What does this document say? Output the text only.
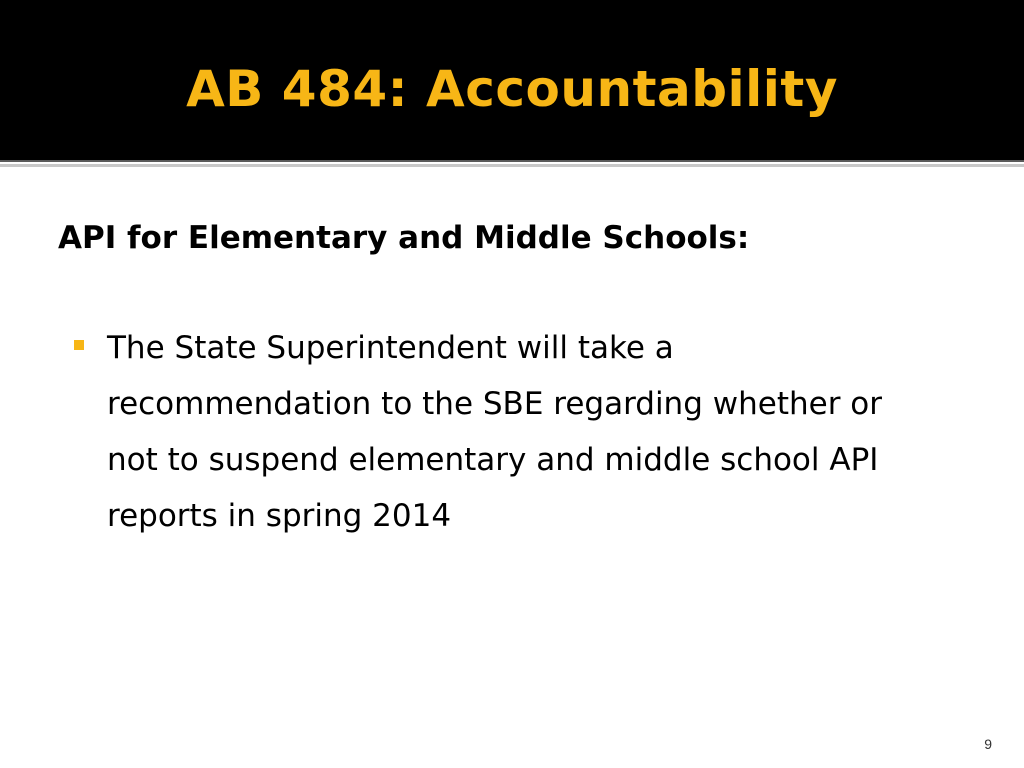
AB 484: Accountability
API for Elementary and Middle Schools:
The State Superintendent will take a recommendation to the SBE regarding whether or not to suspend elementary and middle school API reports in spring 2014
9
